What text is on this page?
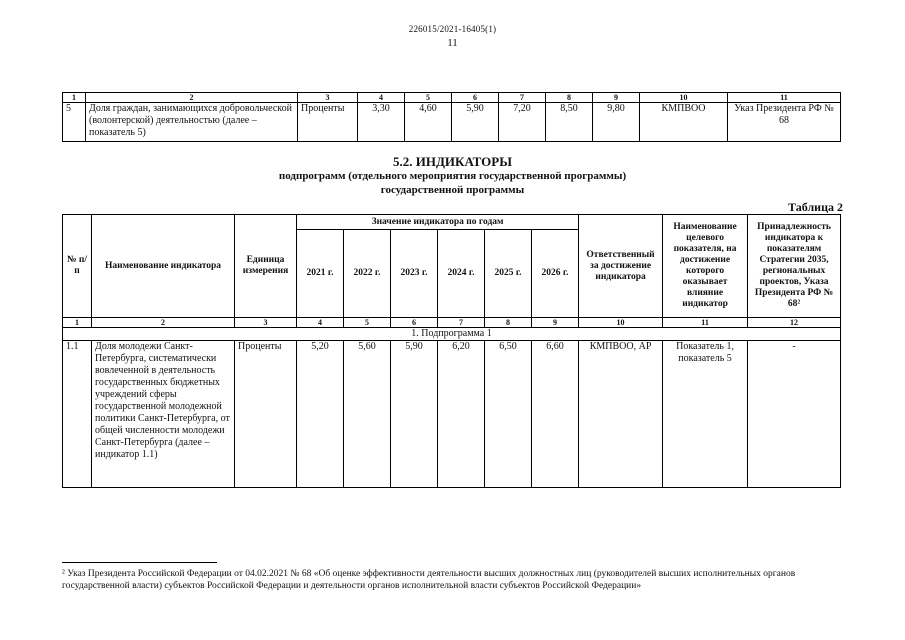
226015/2021-16405(1)
11
1	2	3	4	5	6	7	8	9	10	11
5	Доля граждан, занимающихся добровольческой (волонтерской) деятельностью (далее – показатель 5)	Проценты	3,30	4,60	5,90	7,20	8,50	9,80	КМПВОО	Указ Президента РФ № 68
5.2. ИНДИКАТОРЫ
подпрограмм (отдельного мероприятия государственной программы)
государственной программы
Таблица 2
№ п/п	Наименование индикатора	Единица измерения	Значение индикатора по годам						Ответственный за достижение индикатора	Наименование целевого показателя, на достижение которого оказывает влияние индикатор	Принадлежность индикатора к показателям Стратегии 2035, региональных проектов, Указа Президента РФ № 68²
			2021 г.	2022 г.	2023 г.	2024 г.	2025 г.	2026 г.			
1	2	3	4	5	6	7	8	9	10	11	12
1. Подпрограмма 1											
1.1	Доля молодежи Санкт-Петербурга, систематически вовлеченной в деятельность государственных бюджетных учреждений сферы государственной молодежной политики Санкт-Петербурга, от общей численности молодежи Санкт-Петербурга (далее – индикатор 1.1)	Проценты	5,20	5,60	5,90	6,20	6,50	6,60	КМПВОО, АР	Показатель 1, показатель 5	-
² Указ Президента Российской Федерации от 04.02.2021 № 68 «Об оценке эффективности деятельности высших должностных лиц (руководителей высших исполнительных органов государственной власти) субъектов Российской Федерации и деятельности органов исполнительной власти субъектов Российской Федерации»
